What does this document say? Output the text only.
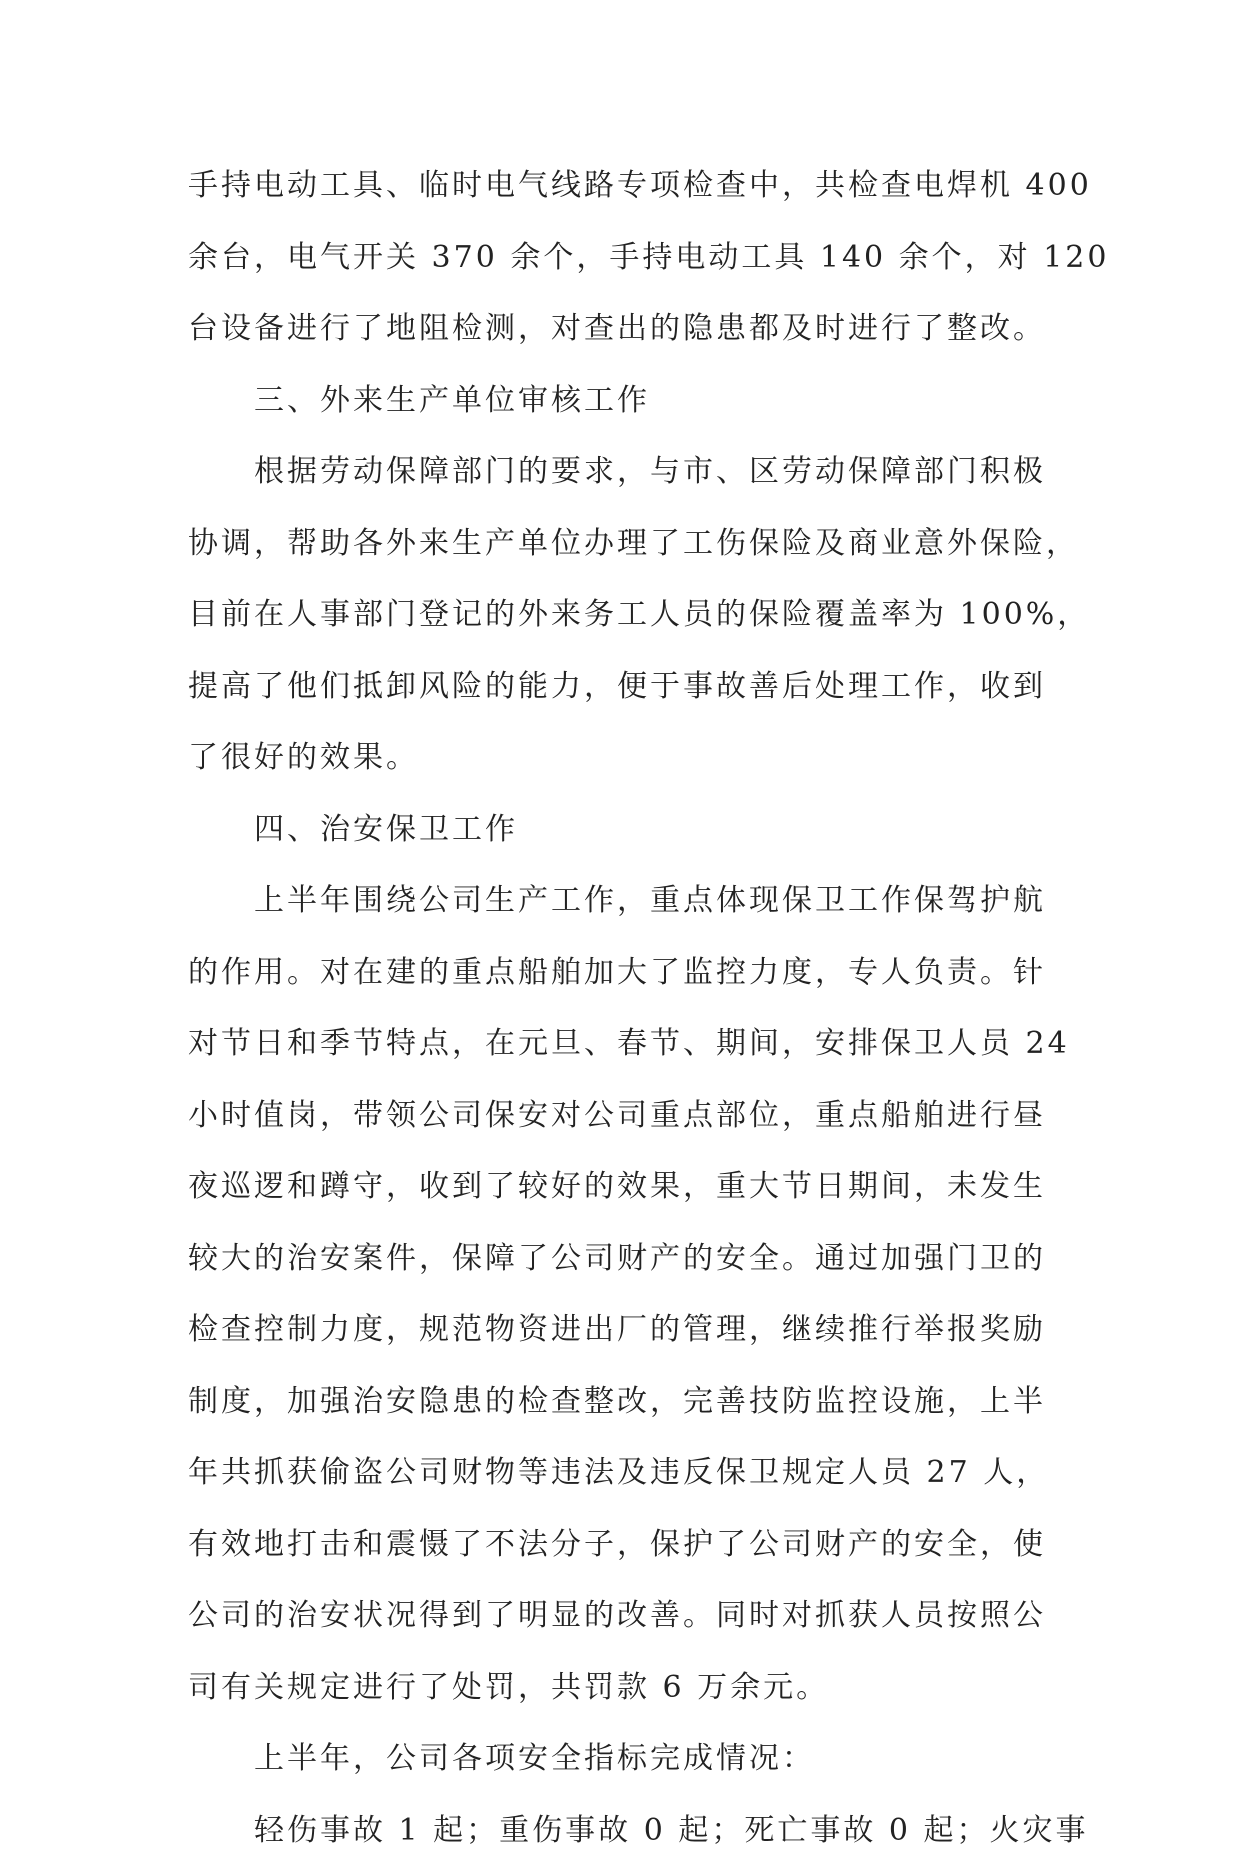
手持电动工具、临时电气线路专项检查中，共检查电焊机 400
余台，电气开关 370 余个，手持电动工具 140 余个，对 120
台设备进行了地阻检测，对查出的隐患都及时进行了整改。
三、外来生产单位审核工作
根据劳动保障部门的要求，与市、区劳动保障部门积极
协调，帮助各外来生产单位办理了工伤保险及商业意外保险，
目前在人事部门登记的外来务工人员的保险覆盖率为 100%，
提高了他们抵卸风险的能力，便于事故善后处理工作，收到
了很好的效果。
四、治安保卫工作
上半年围绕公司生产工作，重点体现保卫工作保驾护航
的作用。对在建的重点船舶加大了监控力度，专人负责。针
对节日和季节特点，在元旦、春节、期间，安排保卫人员 24
小时值岗，带领公司保安对公司重点部位，重点船舶进行昼
夜巡逻和蹲守，收到了较好的效果，重大节日期间，未发生
较大的治安案件，保障了公司财产的安全。通过加强门卫的
检查控制力度，规范物资进出厂的管理，继续推行举报奖励
制度，加强治安隐患的检查整改，完善技防监控设施，上半
年共抓获偷盗公司财物等违法及违反保卫规定人员 27 人，
有效地打击和震慑了不法分子，保护了公司财产的安全，使
公司的治安状况得到了明显的改善。同时对抓获人员按照公
司有关规定进行了处罚，共罚款 6 万余元。
上半年，公司各项安全指标完成情况：
轻伤事故 1 起；重伤事故 0 起；死亡事故 0 起；火灾事
